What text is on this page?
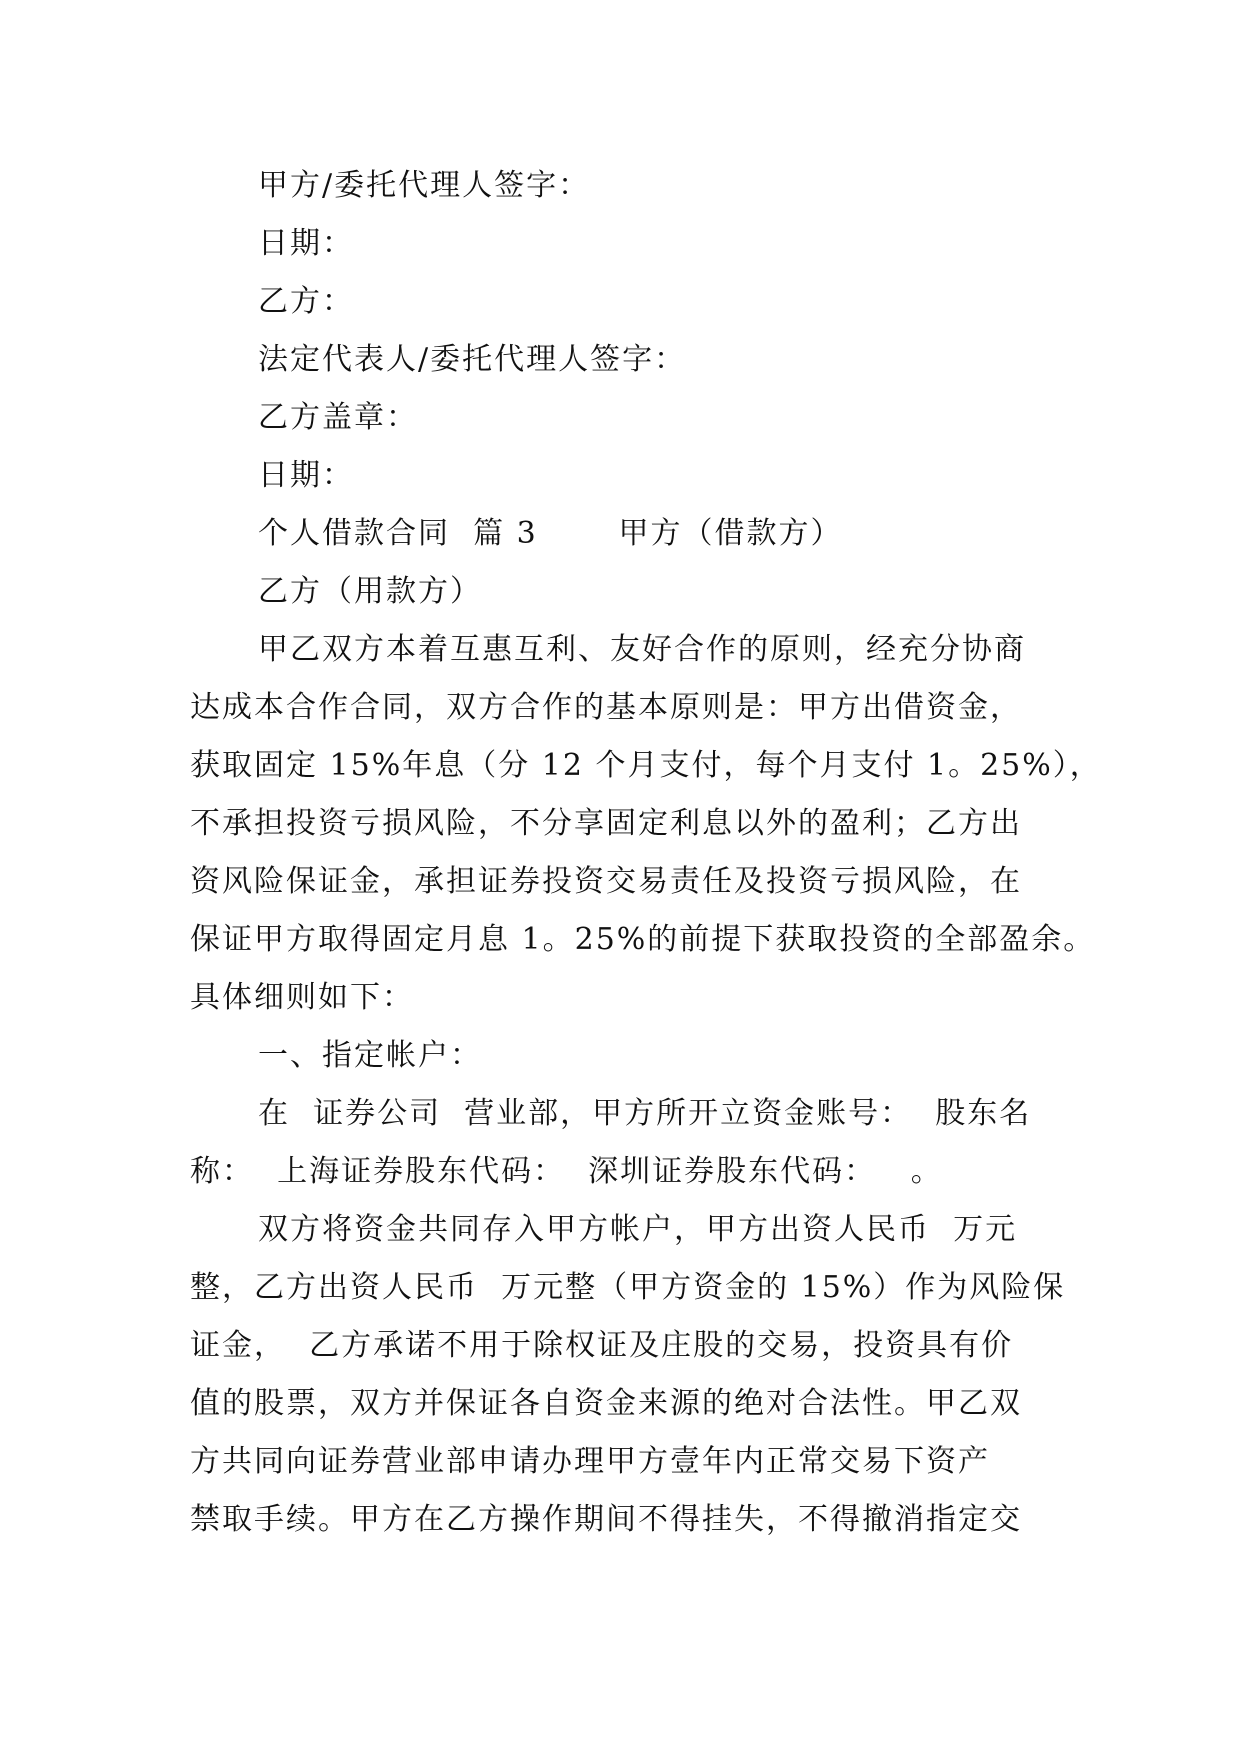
甲方/委托代理人签字：
日期：
乙方：
法定代表人/委托代理人签字：
乙方盖章：
日期：
个人借款合同  篇 3       甲方（借款方）
乙方（用款方）
甲乙双方本着互惠互利、友好合作的原则，经充分协商
达成本合作合同，双方合作的基本原则是：甲方出借资金，
获取固定 15%年息（分 12 个月支付，每个月支付 1。25%），
不承担投资亏损风险，不分享固定利息以外的盈利；乙方出
资风险保证金，承担证券投资交易责任及投资亏损风险，在
保证甲方取得固定月息 1。25%的前提下获取投资的全部盈余。
具体细则如下：
一、指定帐户：
在  证券公司  营业部，甲方所开立资金账号：  股东名
称：  上海证券股东代码：  深圳证券股东代码：   。
双方将资金共同存入甲方帐户，甲方出资人民币  万元
整，乙方出资人民币  万元整（甲方资金的 15%）作为风险保
证金，  乙方承诺不用于除权证及庄股的交易，投资具有价
值的股票，双方并保证各自资金来源的绝对合法性。甲乙双
方共同向证券营业部申请办理甲方壹年内正常交易下资产
禁取手续。甲方在乙方操作期间不得挂失，不得撤消指定交
